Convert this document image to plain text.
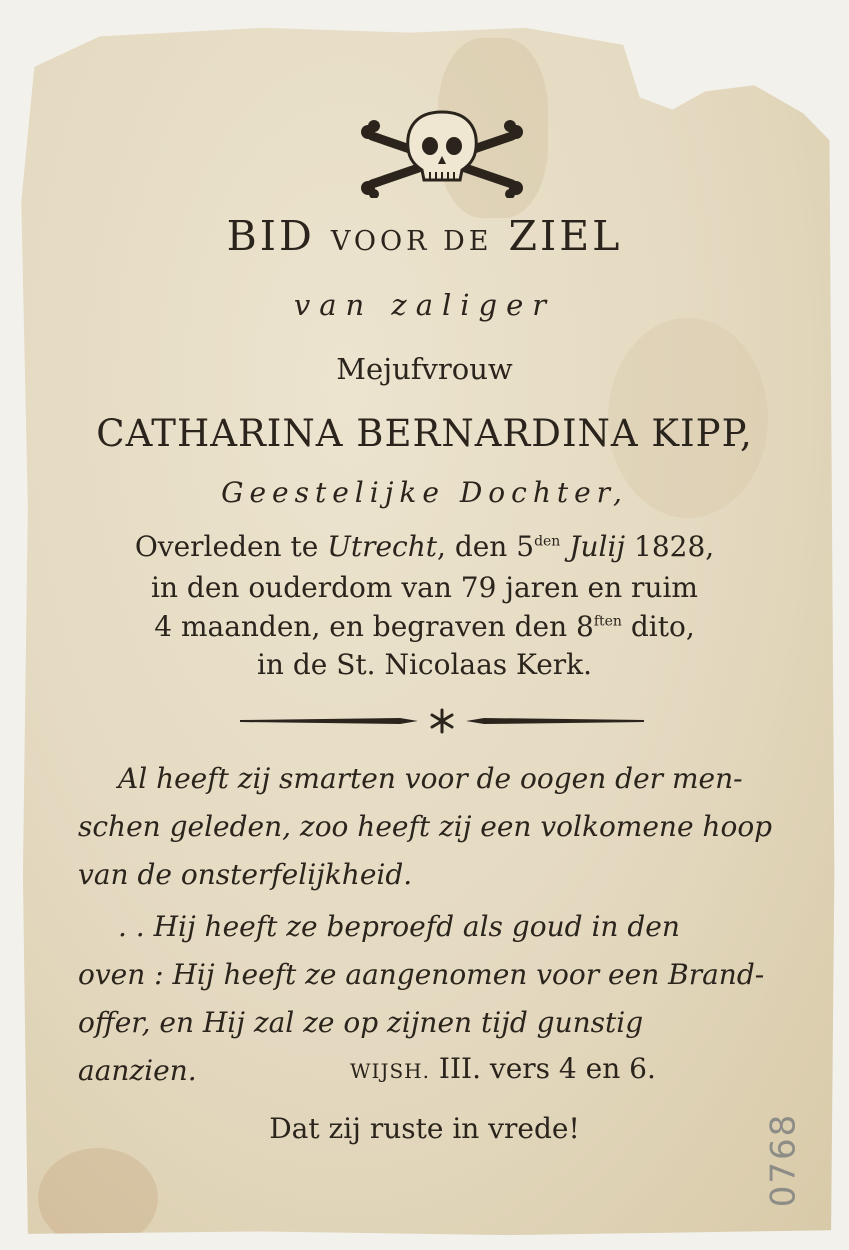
BID VOOR DE ZIEL
van zaliger
Mejufvrouw
CATHARINA BERNARDINA KIPP,
Geestelijke Dochter,
Overleden te Utrecht, den $5^{den}$ Julij 1828,
in den ouderdom van 79 jaren en ruim
4 maanden, en begraven den $8^{ften}$ dito,
in de St. Nicolaas Kerk.
Al heeft zij smarten voor de oogen der men-
schen geleden, zoo heeft zij een volkomene hoop
van de onsterfelijkheid.
. . Hij heeft ze beproefd als goud in den
oven : Hij heeft ze aangenomen voor een Brand-
offer, en Hij zal ze op zijnen tijd gunstig
aanzien.	WIJSH. III. vers 4 en 6.
Dat zij ruste in vrede!	0768
